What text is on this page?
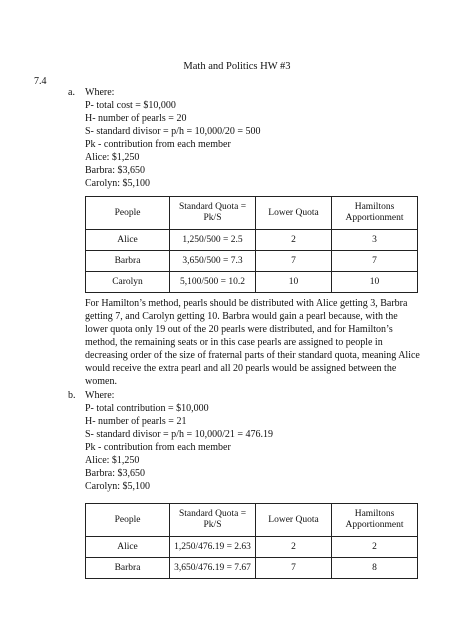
Math and Politics HW #3
7.4
a. Where:
P- total cost = $10,000
H- number of pearls = 20
S- standard divisor = p/h = 10,000/20 = 500
Pk - contribution from each member
Alice: $1,250
Barbra: $3,650
Carolyn: $5,100
People	Standard Quota = Pk/S	Lower Quota	Hamiltons Apportionment
Alice	1,250/500 = 2.5	2	3
Barbra	3,650/500 = 7.3	7	7
Carolyn	5,100/500 = 10.2	10	10
For Hamilton’s method, pearls should be distributed with Alice getting 3, Barbra getting 7, and Carolyn getting 10. Barbra would gain a pearl because, with the lower quota only 19 out of the 20 pearls were distributed, and for Hamilton’s method, the remaining seats or in this case pearls are assigned to people in decreasing order of the size of fraternal parts of their standard quota, meaning Alice would receive the extra pearl and all 20 pearls would be assigned between the women.
b. Where:
P- total contribution = $10,000
H- number of pearls = 21
S- standard divisor = p/h = 10,000/21 = 476.19
Pk - contribution from each member
Alice: $1,250
Barbra: $3,650
Carolyn: $5,100
People	Standard Quota = Pk/S	Lower Quota	Hamiltons Apportionment
Alice	1,250/476.19 = 2.63	2	2
Barbra	3,650/476.19 = 7.67	7	8
